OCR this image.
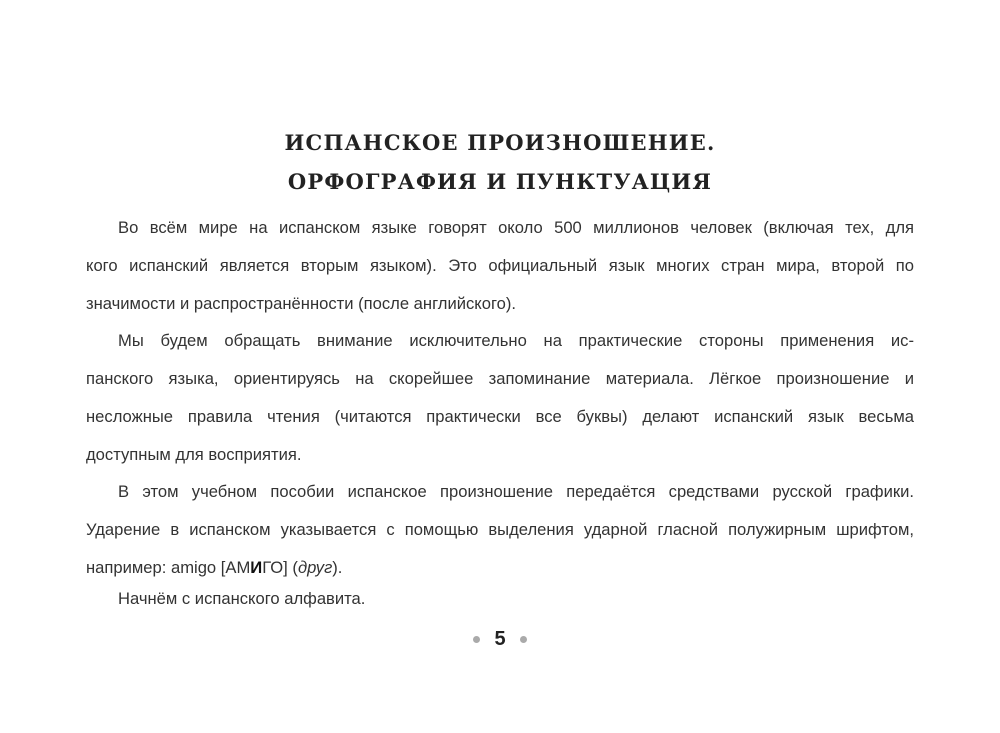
ИСПАНСКОЕ ПРОИЗНОШЕНИЕ.
ОРФОГРАФИЯ И ПУНКТУАЦИЯ
Во всём мире на испанском языке говорят около 500 миллионов человек (включая тех, для
кого испанский является вторым языком). Это официальный язык многих стран мира, второй по
значимости и распространённости (после английского).
Мы будем обращать внимание исключительно на практические стороны применения ис-
панского языка, ориентируясь на скорейшее запоминание материала. Лёгкое произношение и
несложные правила чтения (читаются практически все буквы) делают испанский язык весьма
доступным для восприятия.
В этом учебном пособии испанское произношение передаётся средствами русской графики.
Ударение в испанском указывается с помощью выделения ударной гласной полужирным шрифтом,
например: amigo [АМИГО] (друг).
Начнём с испанского алфавита.
5
